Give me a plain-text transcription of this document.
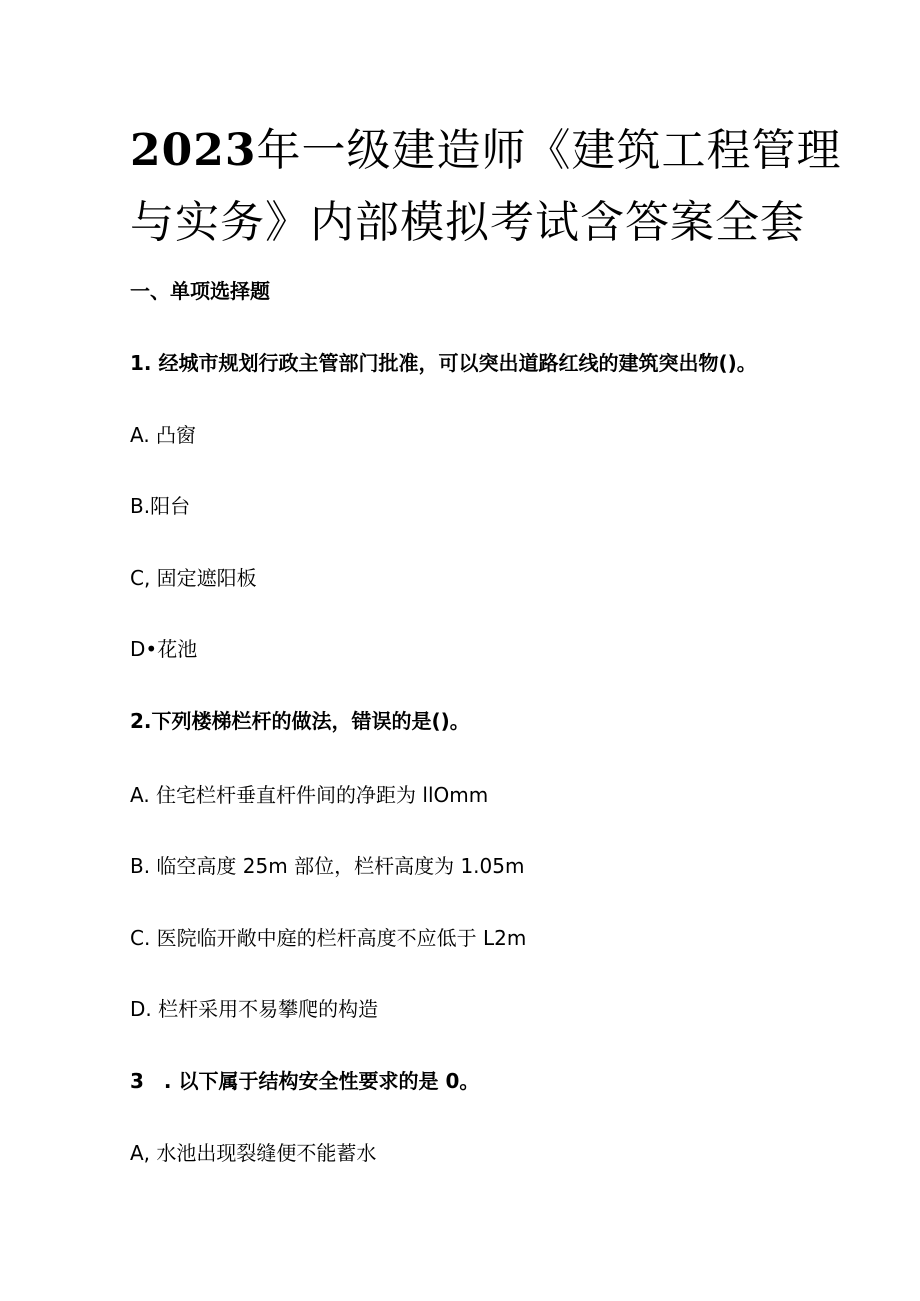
2023年一级建造师《建筑工程管理
与实务》内部模拟考试含答案全套
一、单项选择题
1. 经城市规划行政主管部门批准，可以突出道路红线的建筑突出物()。
A. 凸窗
B.阳台
C, 固定遮阳板
D•花池
2.下列楼梯栏杆的做法，错误的是()。
A. 住宅栏杆垂直杆件间的净距为 llOmm
B. 临空高度 25m 部位，栏杆高度为 1.05m
C. 医院临开敞中庭的栏杆高度不应低于 L2m
D. 栏杆采用不易攀爬的构造
3 . 以下属于结构安全性要求的是 0。
A, 水池出现裂缝便不能蓄水
